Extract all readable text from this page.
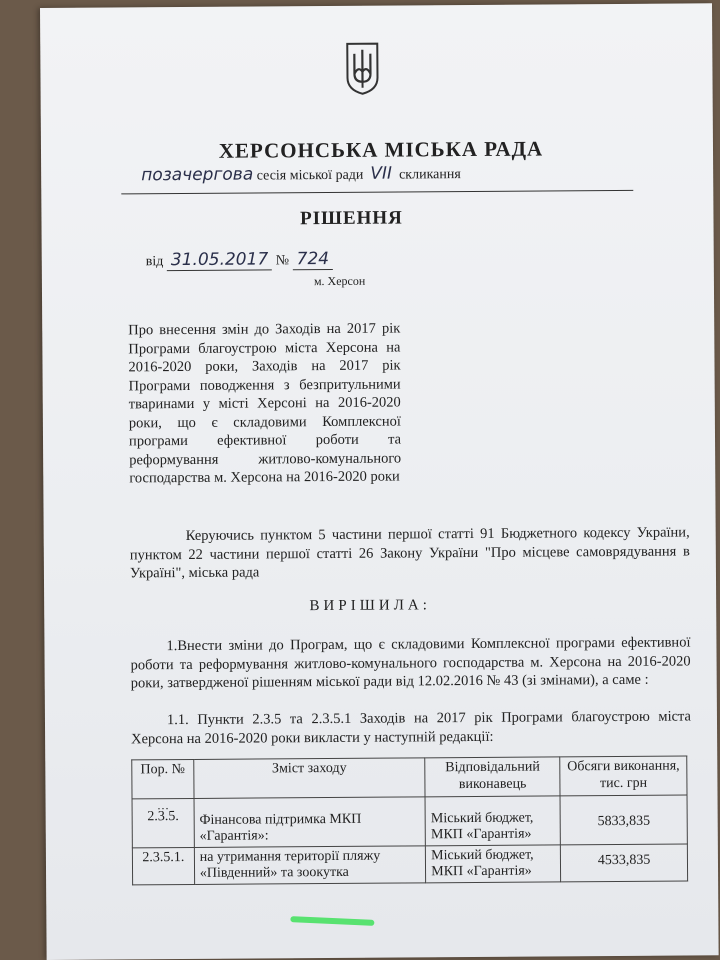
ХЕРСОНСЬКА МІСЬКА РАДА
позачергова сесія міської ради VII скликання
РІШЕННЯ
від 31.05.2017 № 724
м. Херсон
Про внесення змін до Заходів на 2017 рік Програми благоустрою міста Херсона на 2016-2020 роки, Заходів на 2017 рік Програми поводження з безпритульними тваринами у місті Херсоні на 2016-2020 роки, що є складовими Комплексної програми ефективної роботи та реформування житлово-комунального господарства м. Херсона на 2016-2020 роки
Керуючись пунктом 5 частини першої статті 91 Бюджетного кодексу України, пунктом 22 частини першої статті 26 Закону України "Про місцеве самоврядування в Україні", міська рада
ВИРІШИЛА:
1.Внести зміни до Програм, що є складовими Комплексної програми ефективної роботи та реформування житлово-комунального господарства м. Херсона на 2016-2020 роки, затвердженої рішенням міської ради від 12.02.2016 № 43 (зі змінами), а саме :
1.1. Пункти 2.3.5 та 2.3.5.1 Заходів на 2017 рік Програми благоустрою міста Херсона на 2016-2020 роки викласти у наступній редакції:
Пор. №	Зміст заходу	Відповідальний виконавець	Обсяги виконання, тис. грн

…
2.3.5.	Фінансова підтримка МКП «Гарантія»:	Міський бюджет, МКП «Гарантія»	5833,835
2.3.5.1.	на утримання території пляжу «Південний» та зоокутка	Міський бюджет, МКП «Гарантія»	4533,835
